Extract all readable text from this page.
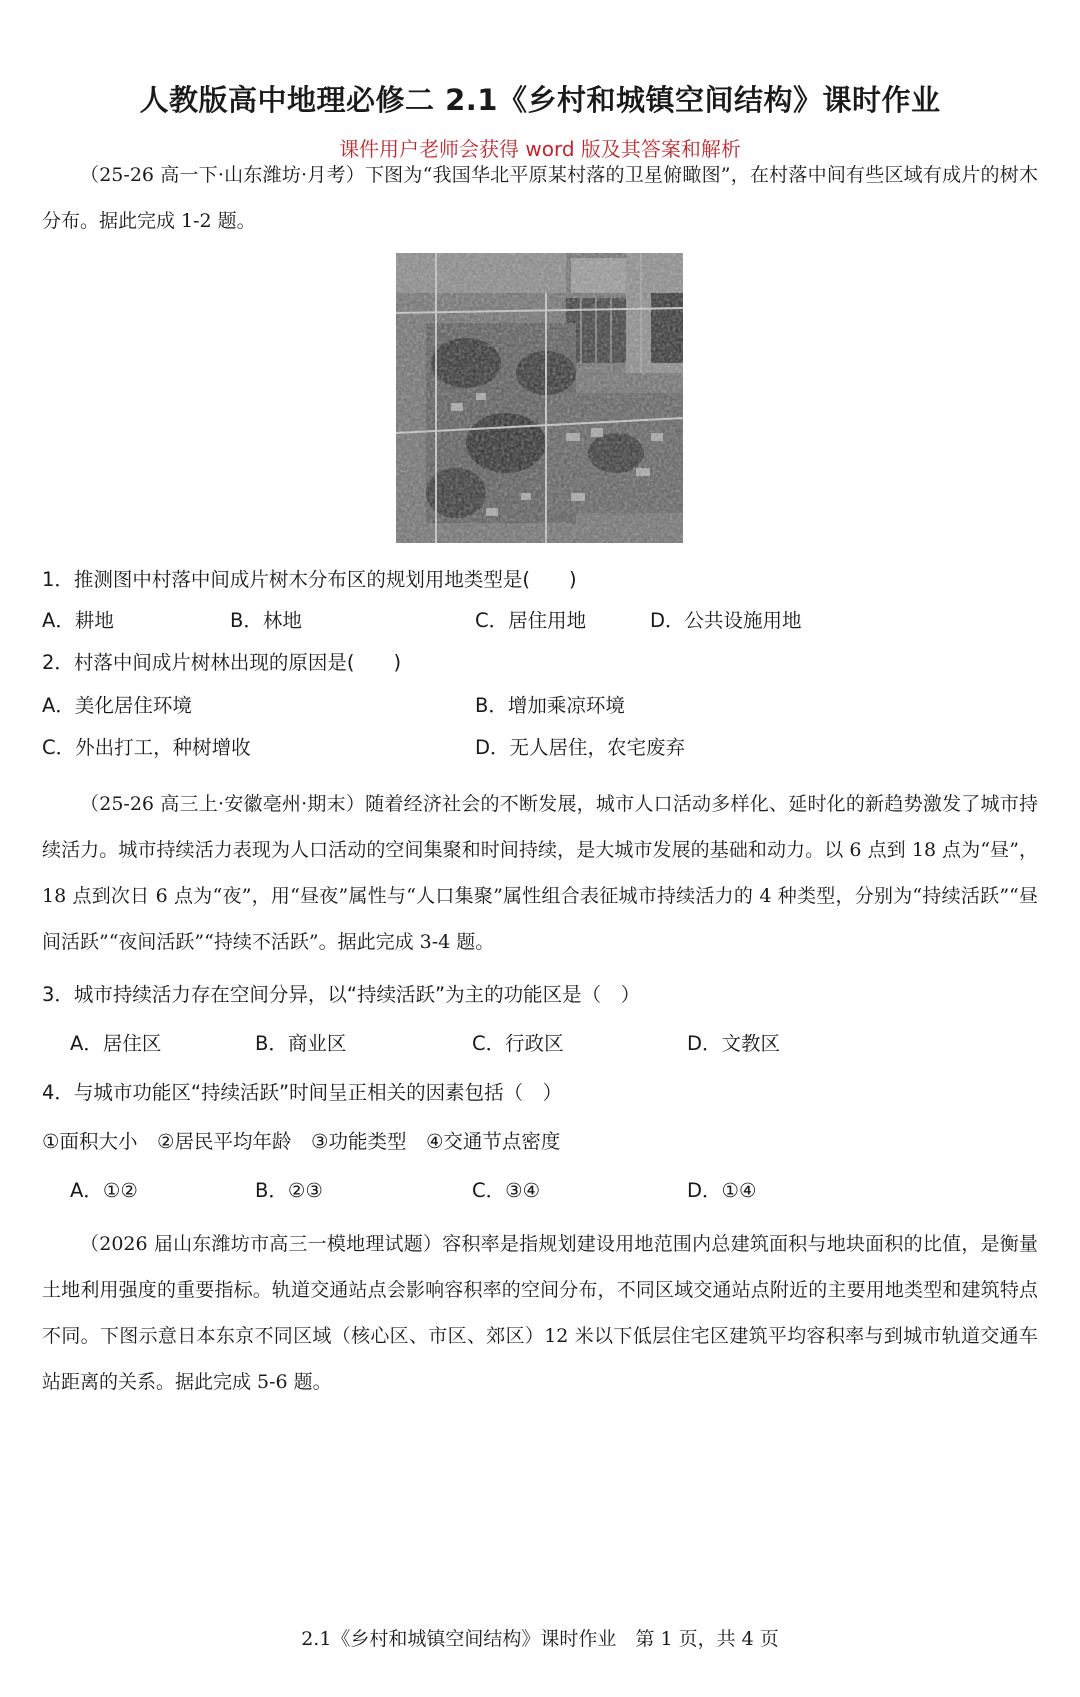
人教版高中地理必修二 2.1《乡村和城镇空间结构》课时作业
课件用户老师会获得 word 版及其答案和解析
（25-26 高一下·山东潍坊·月考）下图为“我国华北平原某村落的卫星俯瞰图”，在村落中间有些区域有成片的树木分布。据此完成 1-2 题。
1．推测图中村落中间成片树木分布区的规划用地类型是(　　)
A．耕地	B．林地	C．居住用地	D．公共设施用地
2．村落中间成片树林出现的原因是(　　)
A．美化居住环境	B．增加乘凉环境
C．外出打工，种树增收	D．无人居住，农宅废弃
（25-26 高三上·安徽亳州·期末）随着经济社会的不断发展，城市人口活动多样化、延时化的新趋势激发了城市持续活力。城市持续活力表现为人口活动的空间集聚和时间持续，是大城市发展的基础和动力。以 6 点到 18 点为“昼”，18 点到次日 6 点为“夜”，用“昼夜”属性与“人口集聚”属性组合表征城市持续活力的 4 种类型，分别为“持续活跃”“昼间活跃”“夜间活跃”“持续不活跃”。据此完成 3-4 题。
3．城市持续活力存在空间分异，以“持续活跃”为主的功能区是（　）
A．居住区	B．商业区	C．行政区	D．文教区
4．与城市功能区“持续活跃”时间呈正相关的因素包括（　）
①面积大小　②居民平均年龄　③功能类型　④交通节点密度
A．①②	B．②③	C．③④	D．①④
（2026 届山东潍坊市高三一模地理试题）容积率是指规划建设用地范围内总建筑面积与地块面积的比值，是衡量土地利用强度的重要指标。轨道交通站点会影响容积率的空间分布，不同区域交通站点附近的主要用地类型和建筑特点不同。下图示意日本东京不同区域（核心区、市区、郊区）12 米以下低层住宅区建筑平均容积率与到城市轨道交通车站距离的关系。据此完成 5-6 题。
2.1《乡村和城镇空间结构》课时作业　第 1 页，共 4 页
